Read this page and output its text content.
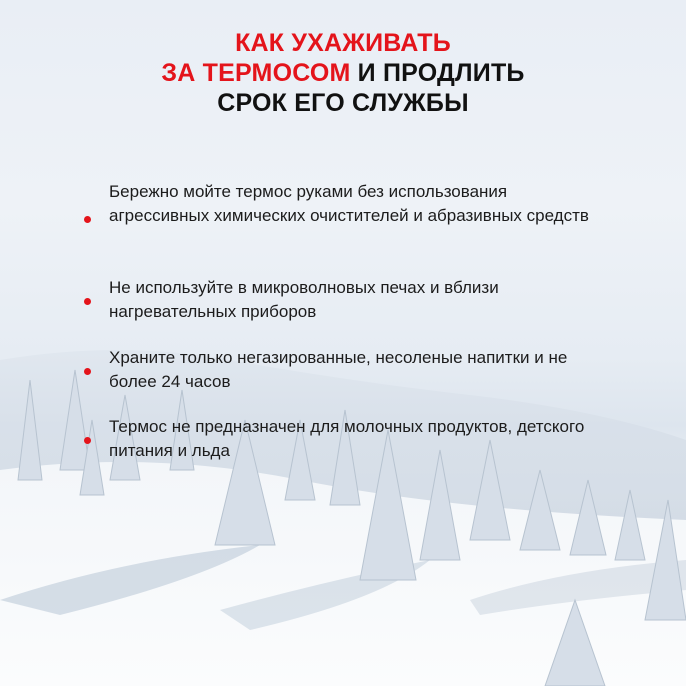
КАК УХАЖИВАТЬ
ЗА ТЕРМОСОМ И ПРОДЛИТЬ
СРОК ЕГО СЛУЖБЫ
Бережно мойте термос руками без использования агрессивных химических очистителей и абразивных средств
Не используйте в микроволновых печах и вблизи нагревательных приборов
Храните только негазированные, несоленые напитки и не более 24 часов
Термос не предназначен для молочных продуктов, детского питания и льда
